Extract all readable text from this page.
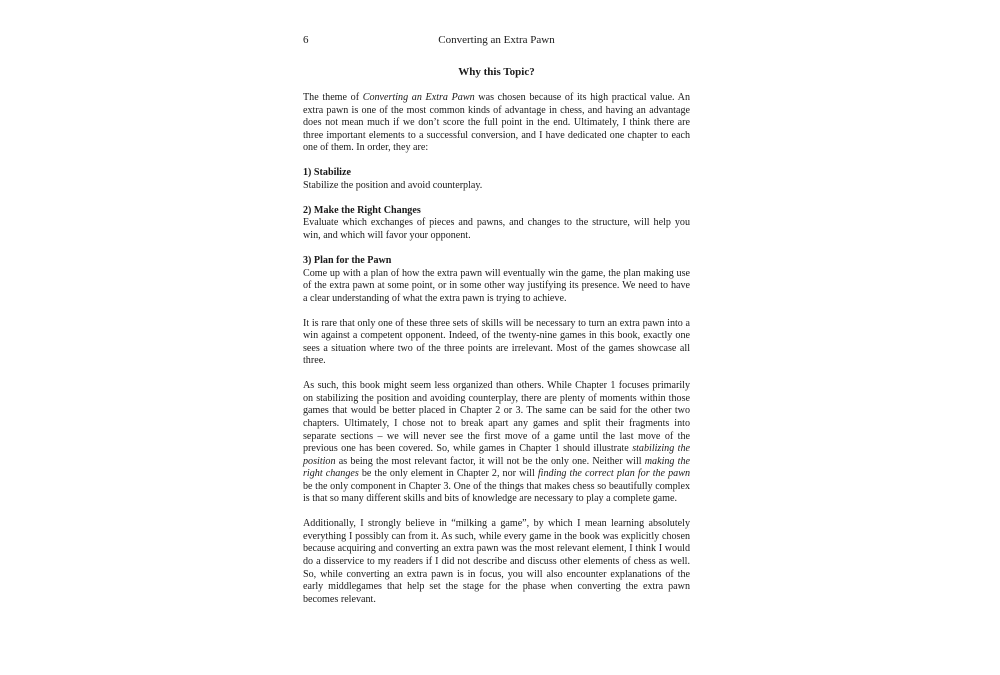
6	Converting an Extra Pawn
Why this Topic?

The theme of Converting an Extra Pawn was chosen because of its high practical value. An extra pawn is one of the most common kinds of advantage in chess, and having an advantage does not mean much if we don’t score the full point in the end. Ultimately, I think there are three important elements to a successful conversion, and I have dedicated one chapter to each one of them. In order, they are:

1) Stabilize

Stabilize the position and avoid counterplay.

2) Make the Right Changes

Evaluate which exchanges of pieces and pawns, and changes to the structure, will help you win, and which will favor your opponent.

3) Plan for the Pawn

Come up with a plan of how the extra pawn will eventually win the game, the plan making use of the extra pawn at some point, or in some other way justifying its presence. We need to have a clear understanding of what the extra pawn is trying to achieve.

It is rare that only one of these three sets of skills will be necessary to turn an extra pawn into a win against a competent opponent. Indeed, of the twenty-nine games in this book, exactly one sees a situation where two of the three points are irrelevant. Most of the games showcase all three.

As such, this book might seem less organized than others. While Chapter 1 focuses primarily on stabilizing the position and avoiding counterplay, there are plenty of moments within those games that would be better placed in Chapter 2 or 3. The same can be said for the other two chapters. Ultimately, I chose not to break apart any games and split their fragments into separate sections – we will never see the first move of a game until the last move of the previous one has been covered. So, while games in Chapter 1 should illustrate stabilizing the position as being the most relevant factor, it will not be the only one. Neither will making the right changes be the only element in Chapter 2, nor will finding the correct plan for the pawn be the only component in Chapter 3. One of the things that makes chess so beautifully complex is that so many different skills and bits of knowledge are necessary to play a complete game.

Additionally, I strongly believe in “milking a game”, by which I mean learning absolutely everything I possibly can from it. As such, while every game in the book was explicitly chosen because acquiring and converting an extra pawn was the most relevant element, I think I would do a disservice to my readers if I did not describe and discuss other elements of chess as well. So, while converting an extra pawn is in focus, you will also encounter explanations of the early middlegames that help set the stage for the phase when converting the extra pawn becomes relevant.
